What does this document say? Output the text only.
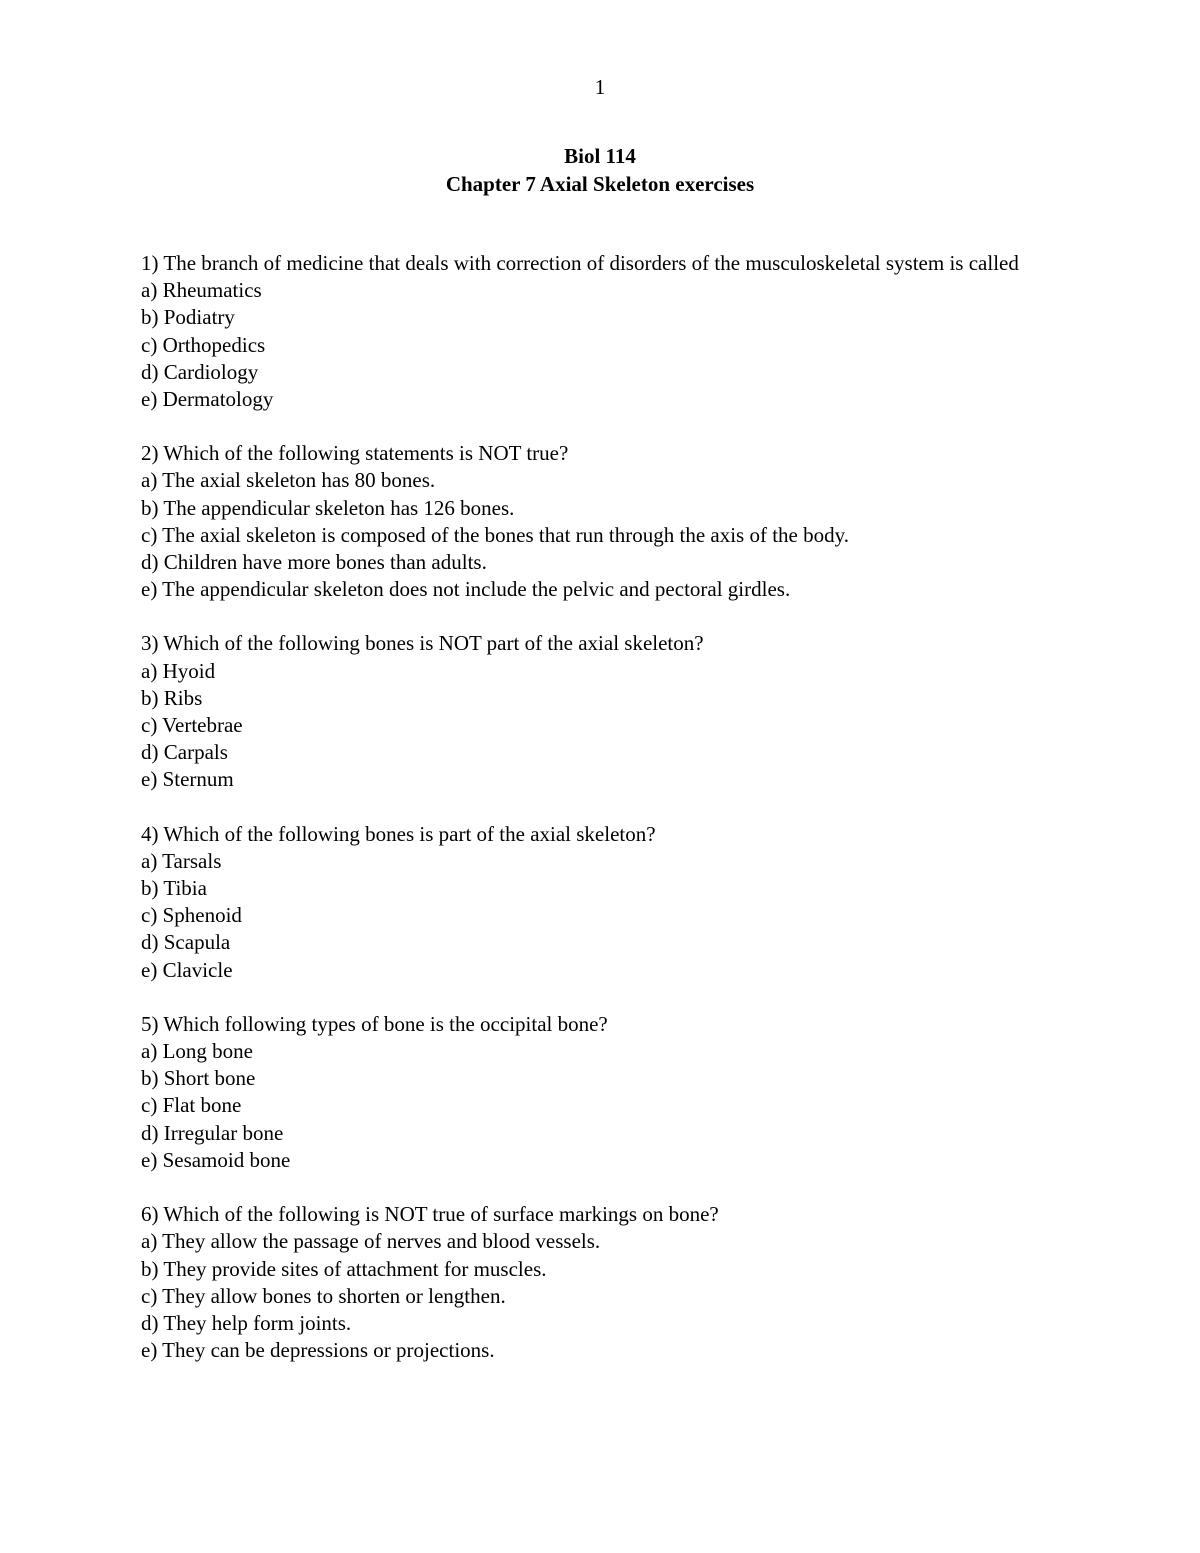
1
Biol 114
Chapter 7 Axial Skeleton exercises
1) The branch of medicine that deals with correction of disorders of the musculoskeletal system is called
a) Rheumatics
b) Podiatry
c) Orthopedics
d) Cardiology
e) Dermatology
2) Which of the following statements is NOT true?
a) The axial skeleton has 80 bones.
b) The appendicular skeleton has 126 bones.
c) The axial skeleton is composed of the bones that run through the axis of the body.
d) Children have more bones than adults.
e) The appendicular skeleton does not include the pelvic and pectoral girdles.
3) Which of the following bones is NOT part of the axial skeleton?
a) Hyoid
b) Ribs
c) Vertebrae
d) Carpals
e) Sternum
4) Which of the following bones is part of the axial skeleton?
a) Tarsals
b) Tibia
c) Sphenoid
d) Scapula
e) Clavicle
5) Which following types of bone is the occipital bone?
a) Long bone
b) Short bone
c) Flat bone
d) Irregular bone
e) Sesamoid bone
6) Which of the following is NOT true of surface markings on bone?
a) They allow the passage of nerves and blood vessels.
b) They provide sites of attachment for muscles.
c) They allow bones to shorten or lengthen.
d) They help form joints.
e) They can be depressions or projections.
